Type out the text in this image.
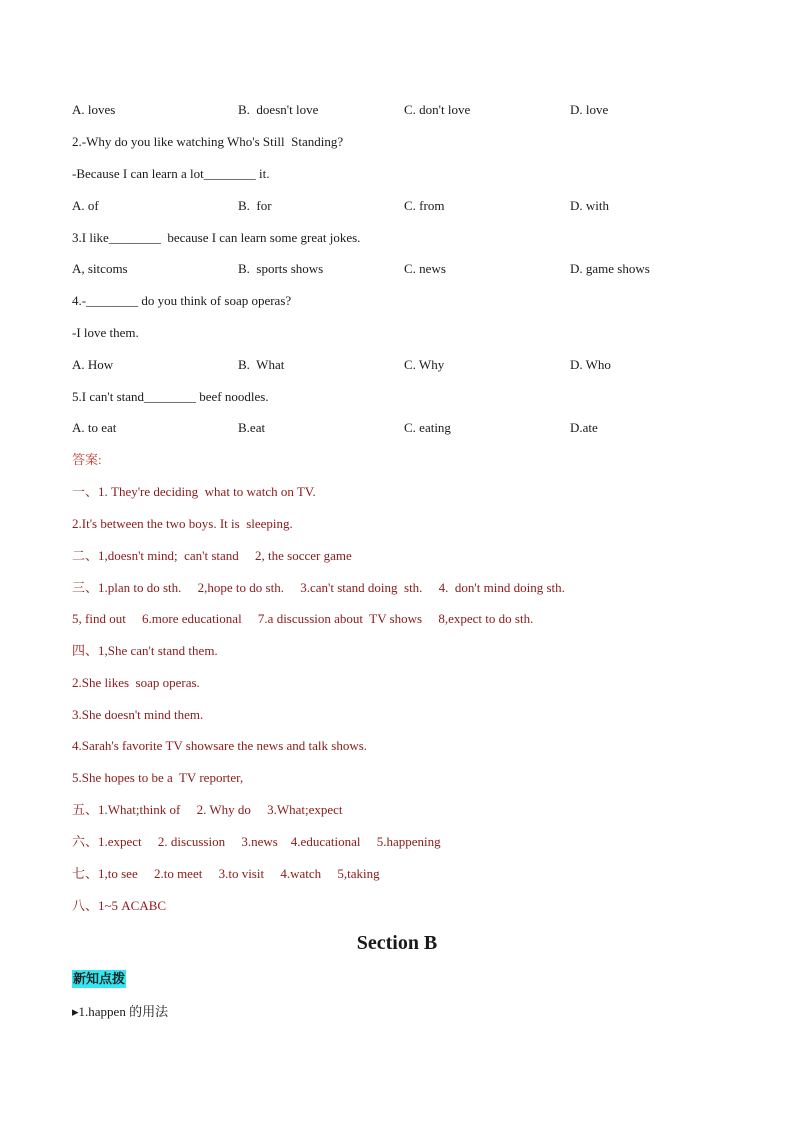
A. loves	B.  doesn't love	C. don't love	D. love
2.-Why do you like watching Who's Still  Standing?
-Because I can learn a lot________ it.
A. of	B.  for	C. from	D. with
3.I like________  because I can learn some great jokes.
A, sitcoms	B.  sports shows	C. news	D. game shows
4.-________ do you think of soap operas?
-I love them.
A. How	B.  What	C. Why	D. Who
5.I can't stand________ beef noodles.
A. to eat	B.eat	C. eating	D.ate
答案:
一、1. They're deciding  what to watch on TV.
2.It's between the two boys. It is  sleeping.
二、1,doesn't mind;  can't stand     2, the soccer game
三、1.plan to do sth.     2,hope to do sth.     3.can't stand doing  sth.     4.  don't mind doing sth.
5, find out     6.more educational     7.a discussion about  TV shows     8,expect to do sth.
四、1,She can't stand them.
2.She likes  soap operas.
3.She doesn't mind them.
4.Sarah's favorite TV showsare the news and talk shows.
5.She hopes to be a  TV reporter,
五、1.What;think of     2. Why do     3.What;expect
六、1.expect     2. discussion     3.news    4.educational     5.happening
七、1,to see     2.to meet     3.to visit     4.watch     5,taking
八、1~5 ACABC
Section B
新知点拨
▸1.happen 的用法
